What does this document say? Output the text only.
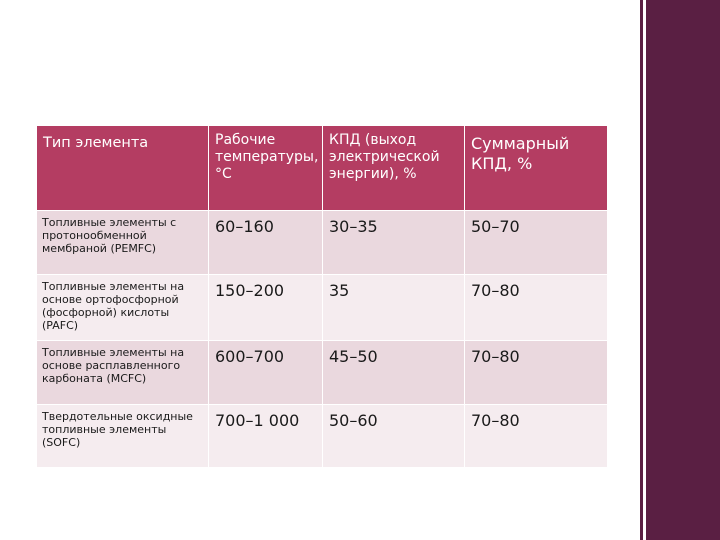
Тип элемента	Рабочие температуры, °С	КПД (выход электрической энергии), %	Суммарный КПД, %

Топливные элементы с протонообменной мембраной (PEMFC)	60–160	30–35	50–70

Топливные элементы на основе ортофосфорной (фосфорной) кислоты (PAFC)	150–200	35	70–80

Топливные элементы на основе расплавленного карбоната (MCFC)	600–700	45–50	70–80

Твердотельные оксидные топливные элементы (SOFC)	700–1 000	50–60	70–80
